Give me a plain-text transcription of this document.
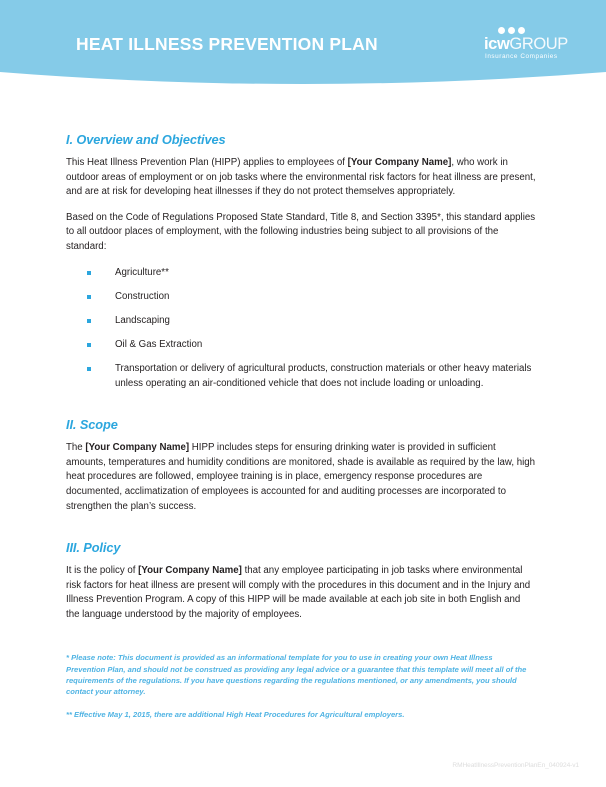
HEAT ILLNESS PREVENTION PLAN	icwGROUP
Insurance Companies
I. Overview and Objectives

This Heat Illness Prevention Plan (HIPP) applies to employees of [Your Company Name], who work in outdoor areas of employment or on job tasks where the environmental risk factors for heat illness are present, and are at risk for developing heat illnesses if they do not protect themselves appropriately.

Based on the Code of Regulations Proposed State Standard, Title 8, and Section 3395*, this standard applies to all outdoor places of employment, with the following industries being subject to all provisions of the standard:

Agriculture**
Construction
Landscaping
Oil & Gas Extraction
Transportation or delivery of agricultural products, construction materials or other heavy materials unless operating an air-conditioned vehicle that does not include loading or unloading.
II. Scope

The [Your Company Name] HIPP includes steps for ensuring drinking water is provided in sufficient amounts, temperatures and humidity conditions are monitored, shade is available as required by the law, high heat procedures are followed, employee training is in place, emergency response procedures are documented, acclimatization of employees is accounted for and auditing processes are incorporated to strengthen the plan’s success.

III. Policy

It is the policy of [Your Company Name] that any employee participating in job tasks where environmental risk factors for heat illness are present will comply with the procedures in this document and in the Injury and Illness Prevention Program. A copy of this HIPP will be made available at each job site in both English and the language understood by the majority of employees.

* Please note: This document is provided as an informational template for you to use in creating your own Heat Illness Prevention Plan, and should not be construed as providing any legal advice or a guarantee that this template will meet all of the requirements of the regulations. If you have questions regarding the regulations mentioned, or any amendments, you should contact your attorney.

** Effective May 1, 2015, there are additional High Heat Procedures for Agricultural employers.

RMHeatIllnessPreventionPlanEn_040924-v1
